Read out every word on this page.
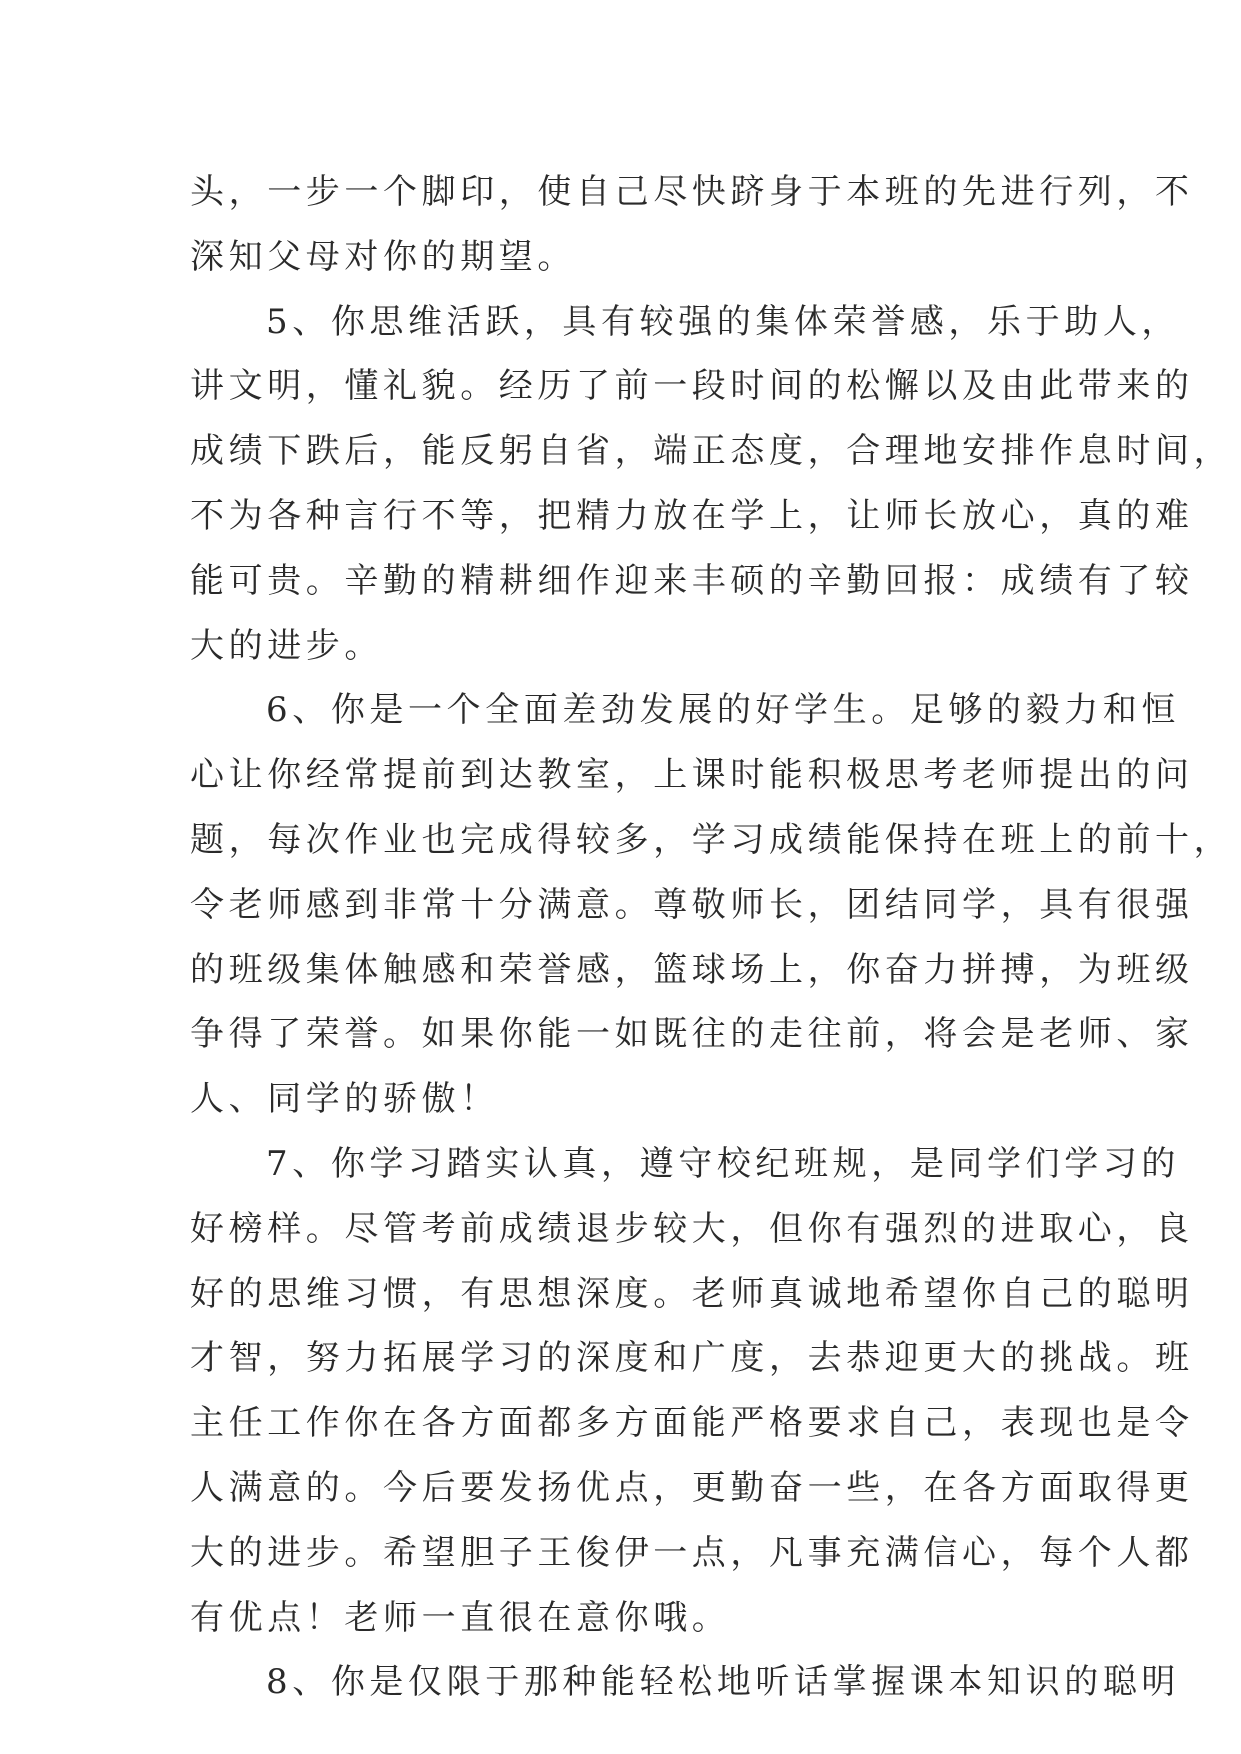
头，一步一个脚印，使自己尽快跻身于本班的先进行列，不
深知父母对你的期望。
5、你思维活跃，具有较强的集体荣誉感，乐于助人，
讲文明，懂礼貌。经历了前一段时间的松懈以及由此带来的
成绩下跌后，能反躬自省，端正态度，合理地安排作息时间，
不为各种言行不等，把精力放在学上，让师长放心，真的难
能可贵。辛勤的精耕细作迎来丰硕的辛勤回报：成绩有了较
大的进步。
6、你是一个全面差劲发展的好学生。足够的毅力和恒
心让你经常提前到达教室，上课时能积极思考老师提出的问
题，每次作业也完成得较多，学习成绩能保持在班上的前十，
令老师感到非常十分满意。尊敬师长，团结同学，具有很强
的班级集体触感和荣誉感，篮球场上，你奋力拼搏，为班级
争得了荣誉。如果你能一如既往的走往前，将会是老师、家
人、同学的骄傲！
7、你学习踏实认真，遵守校纪班规，是同学们学习的
好榜样。尽管考前成绩退步较大，但你有强烈的进取心，良
好的思维习惯，有思想深度。老师真诚地希望你自己的聪明
才智，努力拓展学习的深度和广度，去恭迎更大的挑战。班
主任工作你在各方面都多方面能严格要求自己，表现也是令
人满意的。今后要发扬优点，更勤奋一些，在各方面取得更
大的进步。希望胆子王俊伊一点，凡事充满信心，每个人都
有优点！老师一直很在意你哦。
8、你是仅限于那种能轻松地听话掌握课本知识的聪明
